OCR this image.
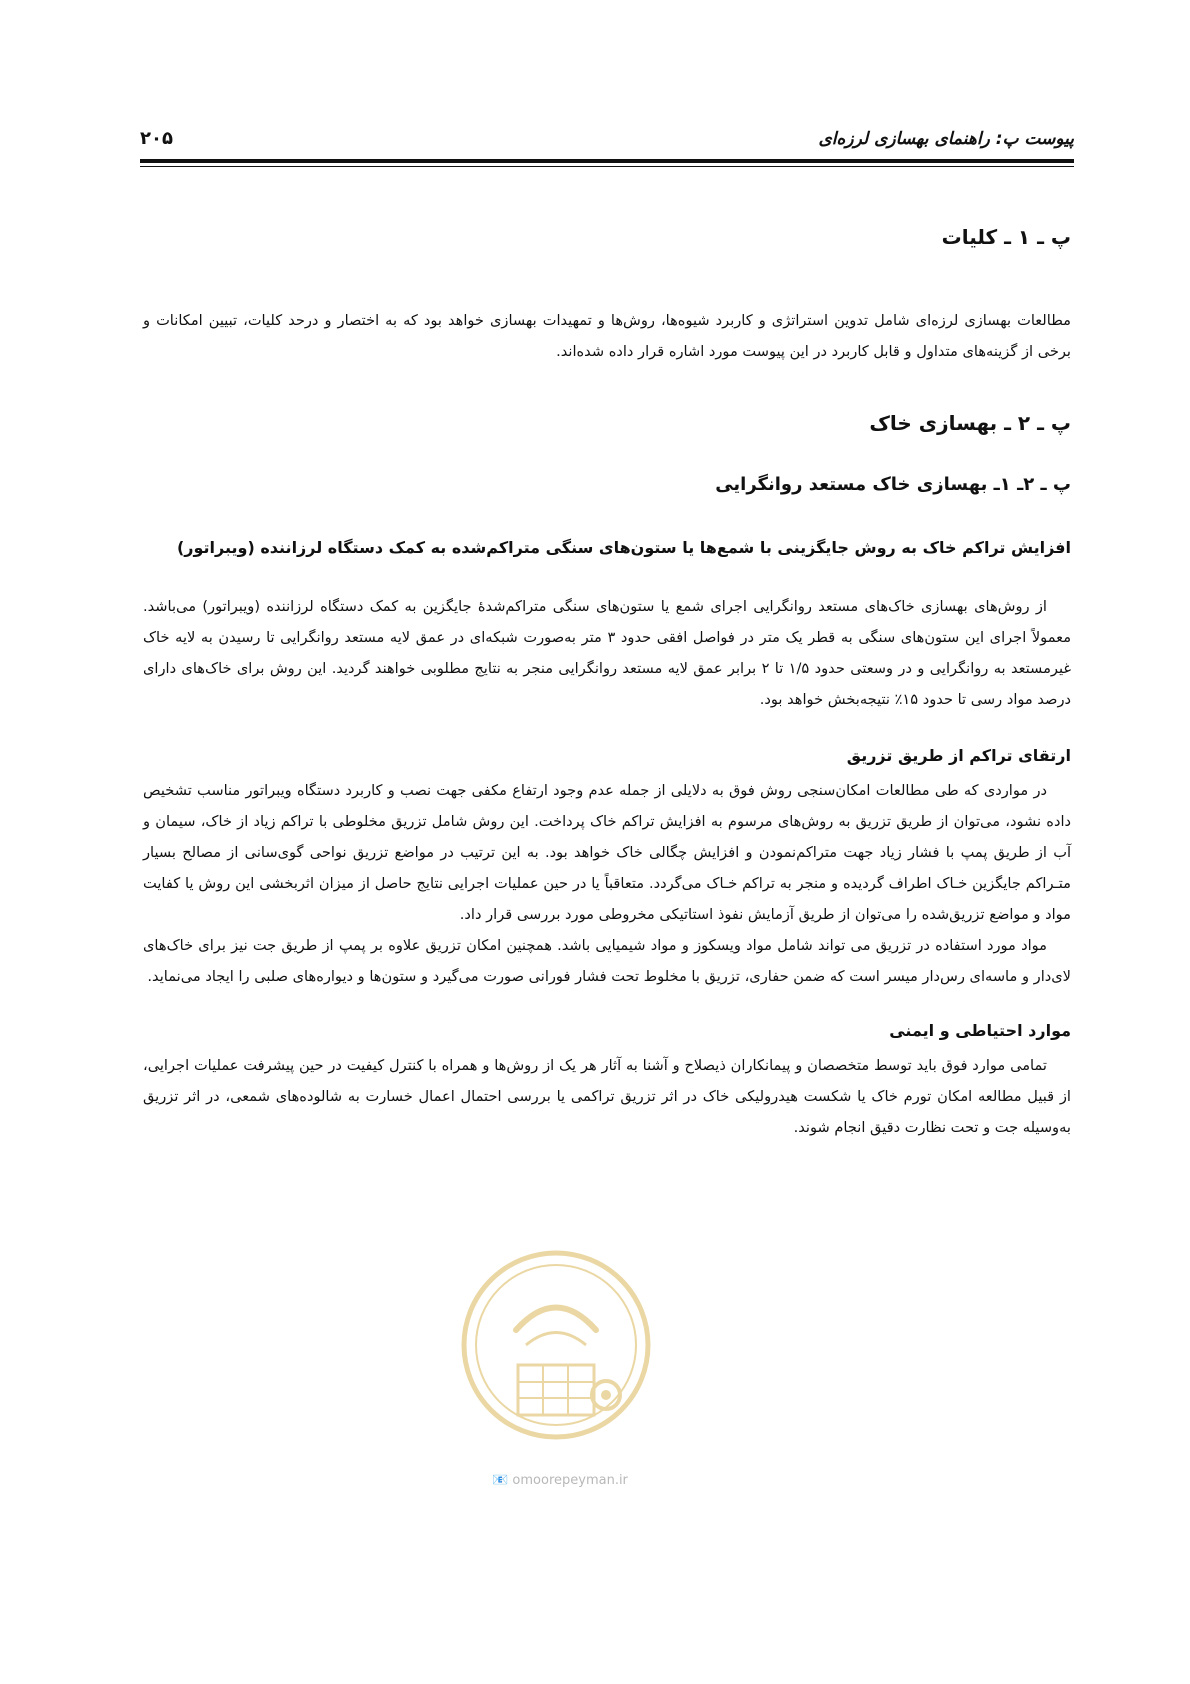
پیوست پ: راهنمای بهسازی لرزه‌ای
۲۰۵
پ ـ ۱ ـ کلیات

مطالعات بهسازی لرزه‌ای شامل تدوین استراتژی و کاربرد شیوه‌ها، روش‌ها و تمهیدات بهسازی خواهد بود که به اختصار و درحد کلیات، تبیین امکانات و برخی از گزینه‌های متداول و قابل کاربرد در این پیوست مورد اشاره قرار داده شده‌اند.

پ ـ ۲ ـ بهسازی خاک
پ ـ ۲ـ ۱ـ بهسازی خاک مستعد روانگرایی
افزایش تراکم خاک به روش جایگزینی با شمع‌ها یا ستون‌های سنگی متراکم‌شده به کمک دستگاه لرزاننده (ویبراتور)

از روش‌های بهسازی خاک‌های مستعد روانگرایی اجرای شمع یا ستون‌های سنگی متراکم‌شدهٔ جایگزین به کمک دستگاه لرزاننده (ویبراتور) می‌باشد. معمولاً اجرای این ستون‌های سنگی به قطر یک متر در فواصل افقی حدود ۳ متر به‌صورت شبکه‌ای در عمق لایه مستعد روانگرایی تا رسیدن به لایه خاک غیرمستعد به روانگرایی و در وسعتی حدود ۱/۵ تا ۲ برابر عمق لایه مستعد روانگرایی منجر به نتایج مطلوبی خواهند گردید. این روش برای خاک‌های دارای درصد مواد رسی تا حدود ۱۵٪ نتیجه‌بخش خواهد بود.

ارتقای تراکم از طریق تزریق

در مواردی که طی مطالعات امکان‌سنجی روش فوق به دلایلی از جمله عدم وجود ارتفاع مکفی جهت نصب و کاربرد دستگاه ویبراتور مناسب تشخیص داده نشود، می‌توان از طریق تزریق به روش‌های مرسوم به افزایش تراکم خاک پرداخت. این روش شامل تزریق مخلوطی با تراکم زیاد از خاک، سیمان و آب از طریق پمپ با فشار زیاد جهت متراکم‌نمودن و افزایش چگالی خاک خواهد بود. به این ترتیب در مواضع تزریق نواحی گوی‌سانی از مصالح بسیار متـراکم جایگزین خـاک اطراف گردیده و منجر به تراکم خـاک می‌گردد. متعاقباً یا در حین عملیات اجرایی نتایج حاصل از میزان اثربخشی این روش یا کفایت مواد و مواضع تزریق‌شده را می‌توان از طریق آزمایش نفوذ استاتیکی مخروطی مورد بررسی قرار داد.

مواد مورد استفاده در تزریق می تواند شامل مواد ویسکوز و مواد شیمیایی باشد. همچنین امکان تزریق علاوه بر پمپ از طریق جت نیز برای خاک‌های لای‌دار و ماسه‌ای رس‌دار میسر است که ضمن حفاری، تزریق با مخلوط تحت فشار فورانی صورت می‌گیرد و ستون‌ها و دیواره‌های صلبی را ایجاد می‌نماید.

موارد احتیاطی و ایمنی

تمامی موارد فوق باید توسط متخصصان و پیمانکاران ذیصلاح و آشنا به آثار هر یک از روش‌ها و همراه با کنترل کیفیت در حین پیشرفت عملیات اجرایی، از قبیل مطالعه امکان تورم خاک یا شکست هیدرولیکی خاک در اثر تزریق تراکمی یا بررسی احتمال اعمال خسارت به شالوده‌های شمعی، در اثر تزریق به‌وسیله جت و تحت نظارت دقیق انجام شوند.

📧 omoorepeyman.ir
